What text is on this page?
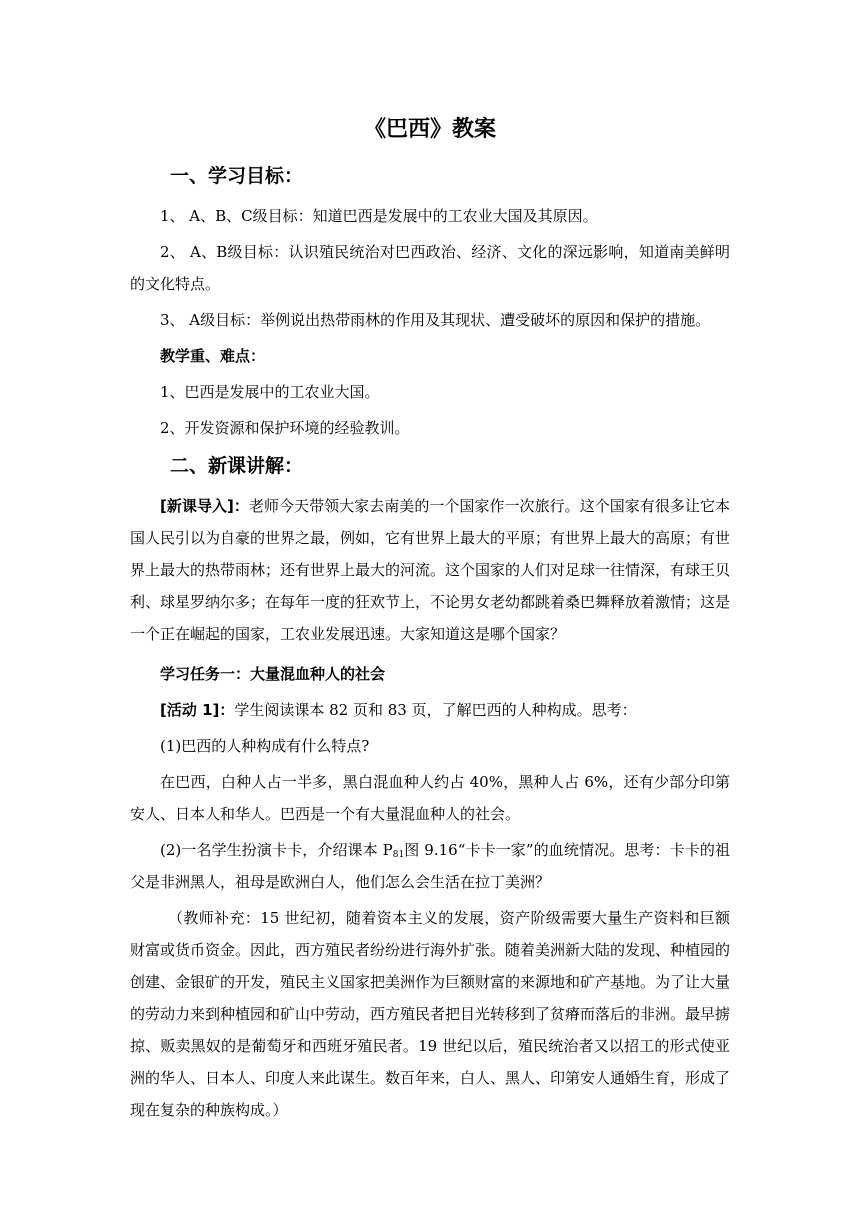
《巴西》教案
一、学习目标：

1、 A、B、C级目标：知道巴西是发展中的工农业大国及其原因。

2、 A、B级目标：认识殖民统治对巴西政治、经济、文化的深远影响，知道南美鲜明的文化特点。

3、 A级目标：举例说出热带雨林的作用及其现状、遭受破坏的原因和保护的措施。

教学重、难点：

1、巴西是发展中的工农业大国。

2、开发资源和保护环境的经验教训。

二、新课讲解：

[新课导入]：老师今天带领大家去南美的一个国家作一次旅行。这个国家有很多让它本国人民引以为自豪的世界之最，例如，它有世界上最大的平原；有世界上最大的高原；有世界上最大的热带雨林；还有世界上最大的河流。这个国家的人们对足球一往情深，有球王贝利、球星罗纳尔多；在每年一度的狂欢节上，不论男女老幼都跳着桑巴舞释放着激情；这是一个正在崛起的国家，工农业发展迅速。大家知道这是哪个国家？

学习任务一：大量混血种人的社会

[活动 1]：学生阅读课本 82 页和 83 页，了解巴西的人种构成。思考：

(1)巴西的人种构成有什么特点?

在巴西，白种人占一半多，黑白混血种人约占 40%，黑种人占 6%，还有少部分印第安人、日本人和华人。巴西是一个有大量混血种人的社会。

(2)一名学生扮演卡卡，介绍课本 $P_{81}$图 9.16“卡卡一家”的血统情况。思考：卡卡的祖父是非洲黑人，祖母是欧洲白人，他们怎么会生活在拉丁美洲？

（教师补充：15 世纪初，随着资本主义的发展，资产阶级需要大量生产资料和巨额财富或货币资金。因此，西方殖民者纷纷进行海外扩张。随着美洲新大陆的发现、种植园的创建、金银矿的开发，殖民主义国家把美洲作为巨额财富的来源地和矿产基地。为了让大量的劳动力来到种植园和矿山中劳动，西方殖民者把目光转移到了贫瘠而落后的非洲。最早掳掠、贩卖黑奴的是葡萄牙和西班牙殖民者。19 世纪以后，殖民统治者又以招工的形式使亚洲的华人、日本人、印度人来此谋生。数百年来，白人、黑人、印第安人通婚生育，形成了现在复杂的种族构成。）
